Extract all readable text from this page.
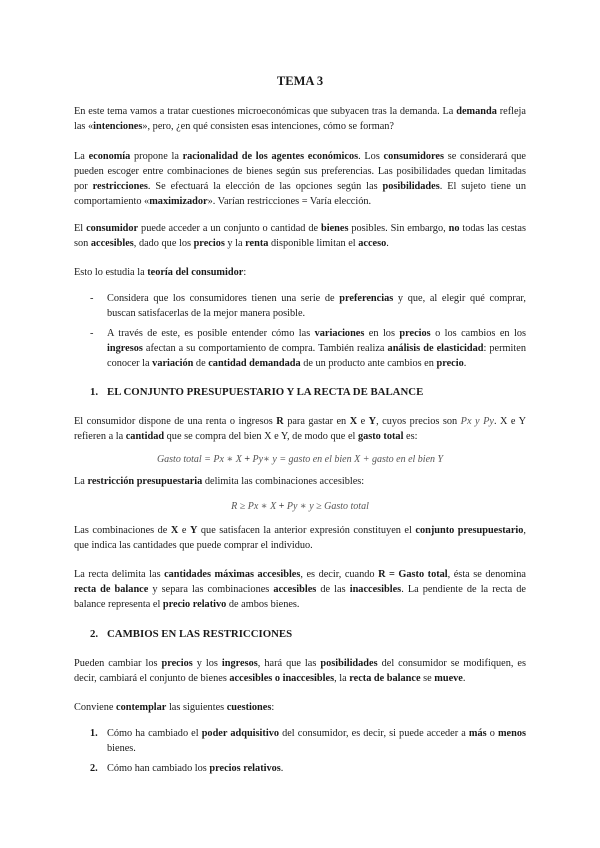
TEMA 3
En este tema vamos a tratar cuestiones microeconómicas que subyacen tras la demanda. La demanda refleja las «intenciones», pero, ¿en qué consisten esas intenciones, cómo se forman?
La economía propone la racionalidad de los agentes económicos. Los consumidores se considerará que pueden escoger entre combinaciones de bienes según sus preferencias. Las posibilidades quedan limitadas por restricciones. Se efectuará la elección de las opciones según las posibilidades. El sujeto tiene un comportamiento «maximizador». Varían restricciones = Varía elección.
El consumidor puede acceder a un conjunto o cantidad de bienes posibles. Sin embargo, no todas las cestas son accesibles, dado que los precios y la renta disponible limitan el acceso.
Esto lo estudia la teoría del consumidor:
- Considera que los consumidores tienen una serie de preferencias y que, al elegir qué comprar, buscan satisfacerlas de la mejor manera posible.
- A través de este, es posible entender cómo las variaciones en los precios o los cambios en los ingresos afectan a su comportamiento de compra. También realiza análisis de elasticidad: permiten conocer la variación de cantidad demandada de un producto ante cambios en precio.
1. EL CONJUNTO PRESUPUESTARIO Y LA RECTA DE BALANCE
El consumidor dispone de una renta o ingresos R para gastar en X e Y, cuyos precios son Px y Py. X e Y refieren a la cantidad que se compra del bien X e Y, de modo que el gasto total es:
Gasto total = Px ∗ X + Py∗ y = gasto en el bien X + gasto en el bien Y
La restricción presupuestaria delimita las combinaciones accesibles:
R ≥ Px ∗ X + Py ∗ y ≥ Gasto total
Las combinaciones de X e Y que satisfacen la anterior expresión constituyen el conjunto presupuestario, que indica las cantidades que puede comprar el individuo.
La recta delimita las cantidades máximas accesibles, es decir, cuando R = Gasto total, ésta se denomina recta de balance y separa las combinaciones accesibles de las inaccesibles. La pendiente de la recta de balance representa el precio relativo de ambos bienes.
2. CAMBIOS EN LAS RESTRICCIONES
Pueden cambiar los precios y los ingresos, hará que las posibilidades del consumidor se modifiquen, es decir, cambiará el conjunto de bienes accesibles o inaccesibles, la recta de balance se mueve.
Conviene contemplar las siguientes cuestiones:
1. Cómo ha cambiado el poder adquisitivo del consumidor, es decir, si puede acceder a más o menos bienes.
2. Cómo han cambiado los precios relativos.
